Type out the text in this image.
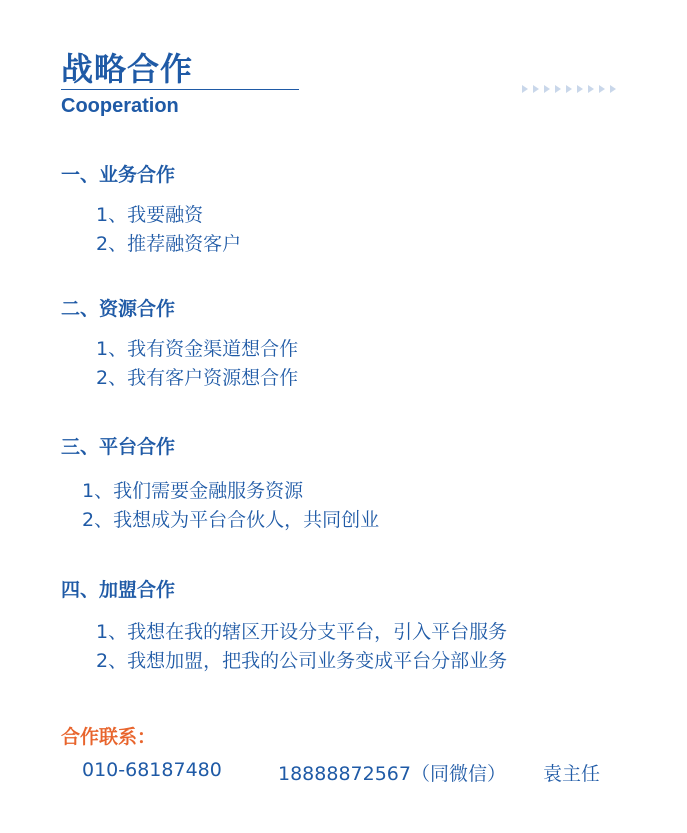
战略合作
Cooperation
一、业务合作
1、我要融资
2、推荐融资客户
二、资源合作
1、我有资金渠道想合作
2、我有客户资源想合作
三、平台合作
1、我们需要金融服务资源
2、我想成为平台合伙人，共同创业
四、加盟合作
1、我想在我的辖区开设分支平台，引入平台服务
2、我想加盟，把我的公司业务变成平台分部业务
合作联系：
010-68187480	18888872567（同微信） 袁主任
